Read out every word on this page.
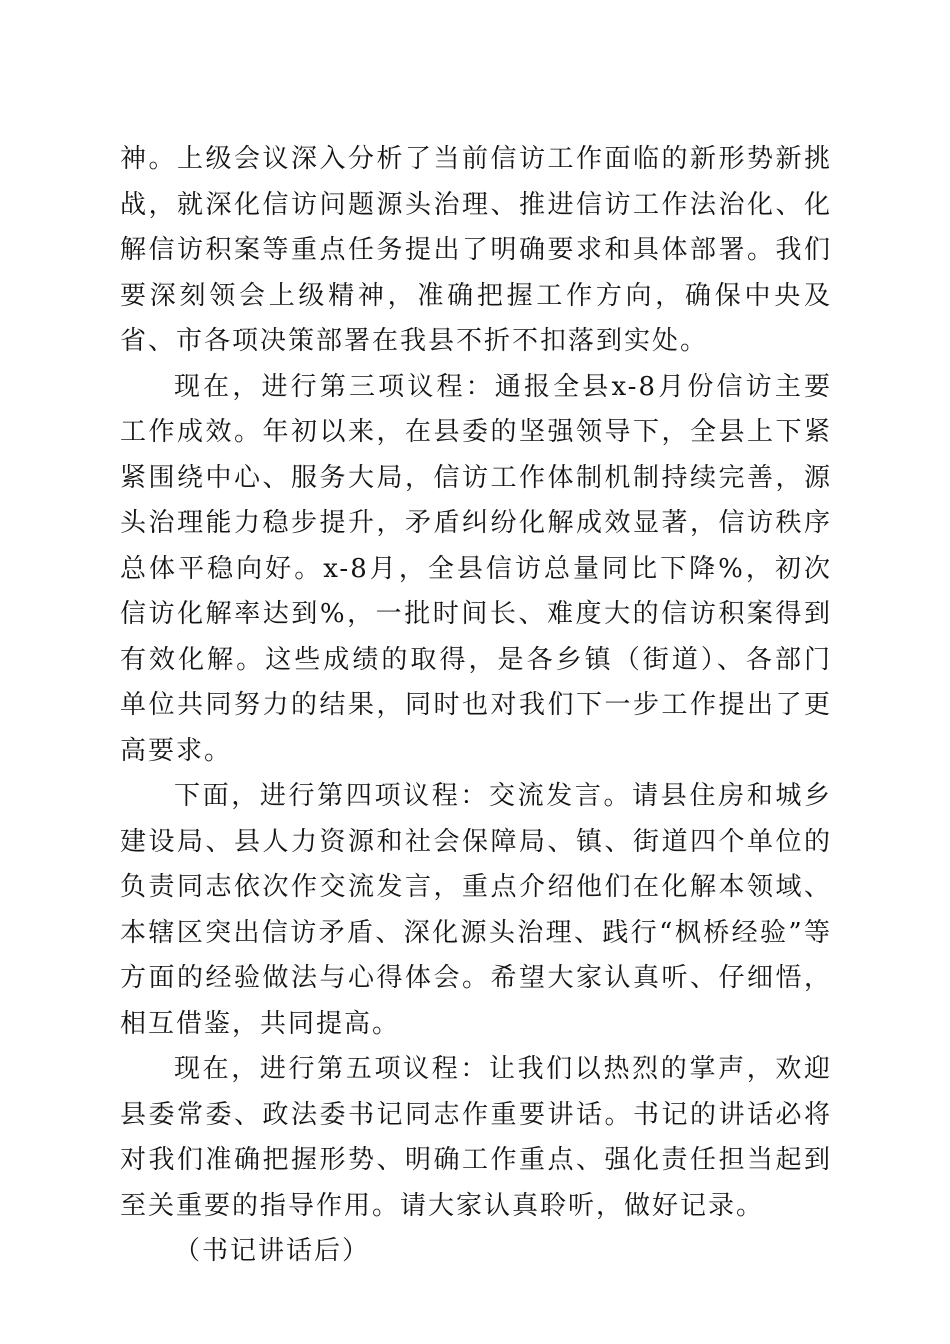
神。上级会议深入分析了当前信访工作面临的新形势新挑战，就深化信访问题源头治理、推进信访工作法治化、化解信访积案等重点任务提出了明确要求和具体部署。我们要深刻领会上级精神，准确把握工作方向，确保中央及省、市各项决策部署在我县不折不扣落到实处。

现在，进行第三项议程：通报全县x-8月份信访主要工作成效。年初以来，在县委的坚强领导下，全县上下紧紧围绕中心、服务大局，信访工作体制机制持续完善，源头治理能力稳步提升，矛盾纠纷化解成效显著，信访秩序总体平稳向好。x-8月，全县信访总量同比下降%，初次信访化解率达到%，一批时间长、难度大的信访积案得到有效化解。这些成绩的取得，是各乡镇（街道）、各部门单位共同努力的结果，同时也对我们下一步工作提出了更高要求。

下面，进行第四项议程：交流发言。请县住房和城乡建设局、县人力资源和社会保障局、镇、街道四个单位的负责同志依次作交流发言，重点介绍他们在化解本领域、本辖区突出信访矛盾、深化源头治理、践行“枫桥经验”等方面的经验做法与心得体会。希望大家认真听、仔细悟，相互借鉴，共同提高。

现在，进行第五项议程：让我们以热烈的掌声，欢迎县委常委、政法委书记同志作重要讲话。书记的讲话必将对我们准确把握形势、明确工作重点、强化责任担当起到至关重要的指导作用。请大家认真聆听，做好记录。

（书记讲话后）
